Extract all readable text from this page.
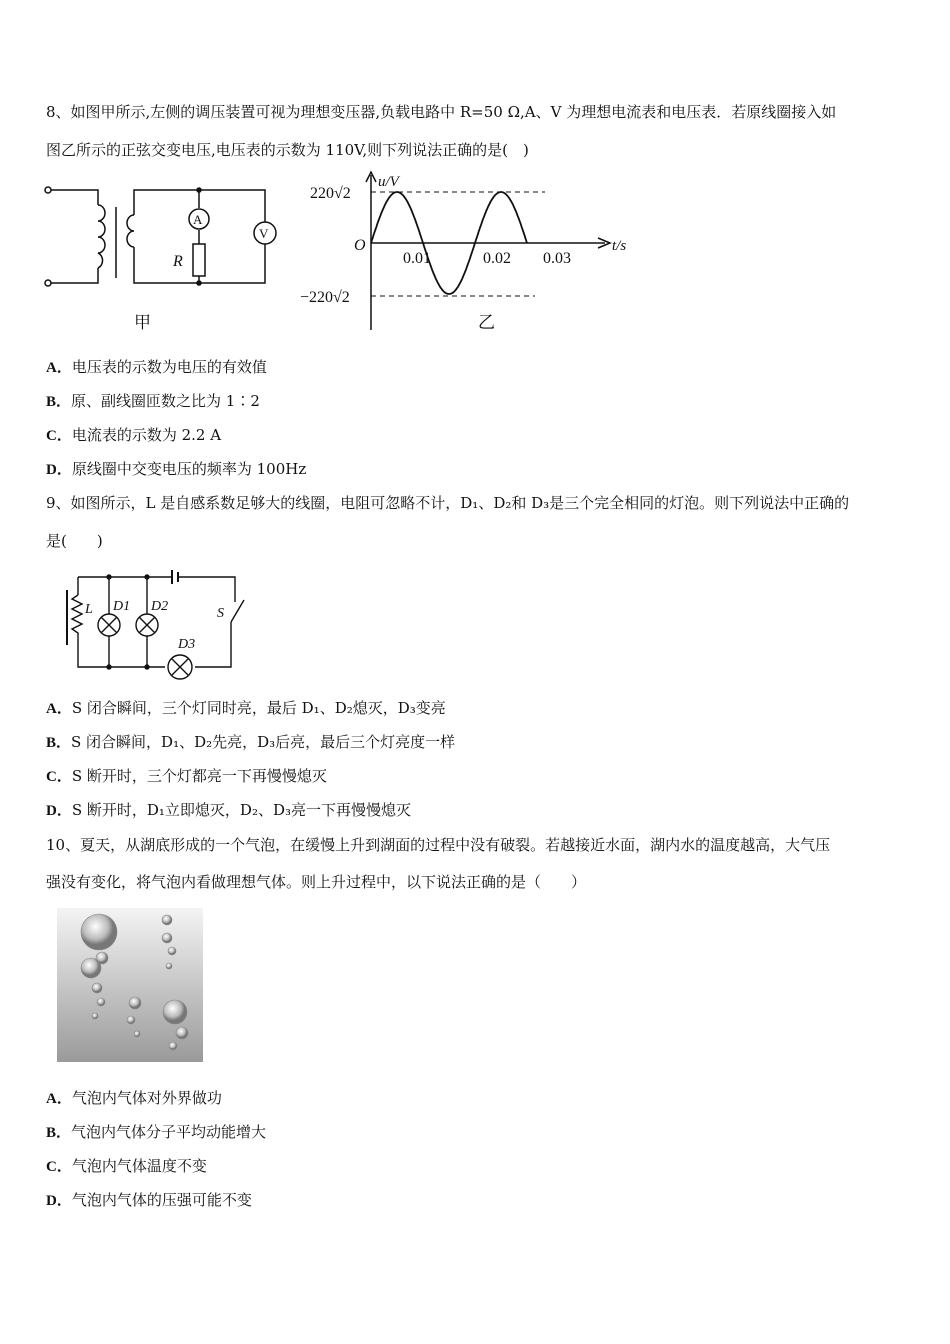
8、如图甲所示,左侧的调压装置可视为理想变压器,负载电路中 R=50 Ω,A、V 为理想电流表和电压表．若原线圈接入如
图乙所示的正弦交变电压,电压表的示数为 110V,则下列说法正确的是(　)
A
V
R
甲
u/V
t/s
O
220√2
−220√2
0.01	0.02 0.03
乙
A．电压表的示数为电压的有效值
B．原、副线圈匝数之比为 1∶2
C．电流表的示数为 2.2 A
D．原线圈中交变电压的频率为 100Hz
9、如图所示，L 是自感系数足够大的线圈，电阻可忽略不计，D₁、D₂和 D₃是三个完全相同的灯泡。则下列说法中正确的
是(　　)
L D1 D2
D3
S
A．S 闭合瞬间，三个灯同时亮，最后 D₁、D₂熄灭，D₃变亮
B．S 闭合瞬间，D₁、D₂先亮，D₃后亮，最后三个灯亮度一样
C．S 断开时，三个灯都亮一下再慢慢熄灭
D．S 断开时，D₁立即熄灭，D₂、D₃亮一下再慢慢熄灭
10、夏天，从湖底形成的一个气泡，在缓慢上升到湖面的过程中没有破裂。若越接近水面，湖内水的温度越高，大气压
强没有变化，将气泡内看做理想气体。则上升过程中，以下说法正确的是（　　）
A．气泡内气体对外界做功
B．气泡内气体分子平均动能增大
C．气泡内气体温度不变
D．气泡内气体的压强可能不变
